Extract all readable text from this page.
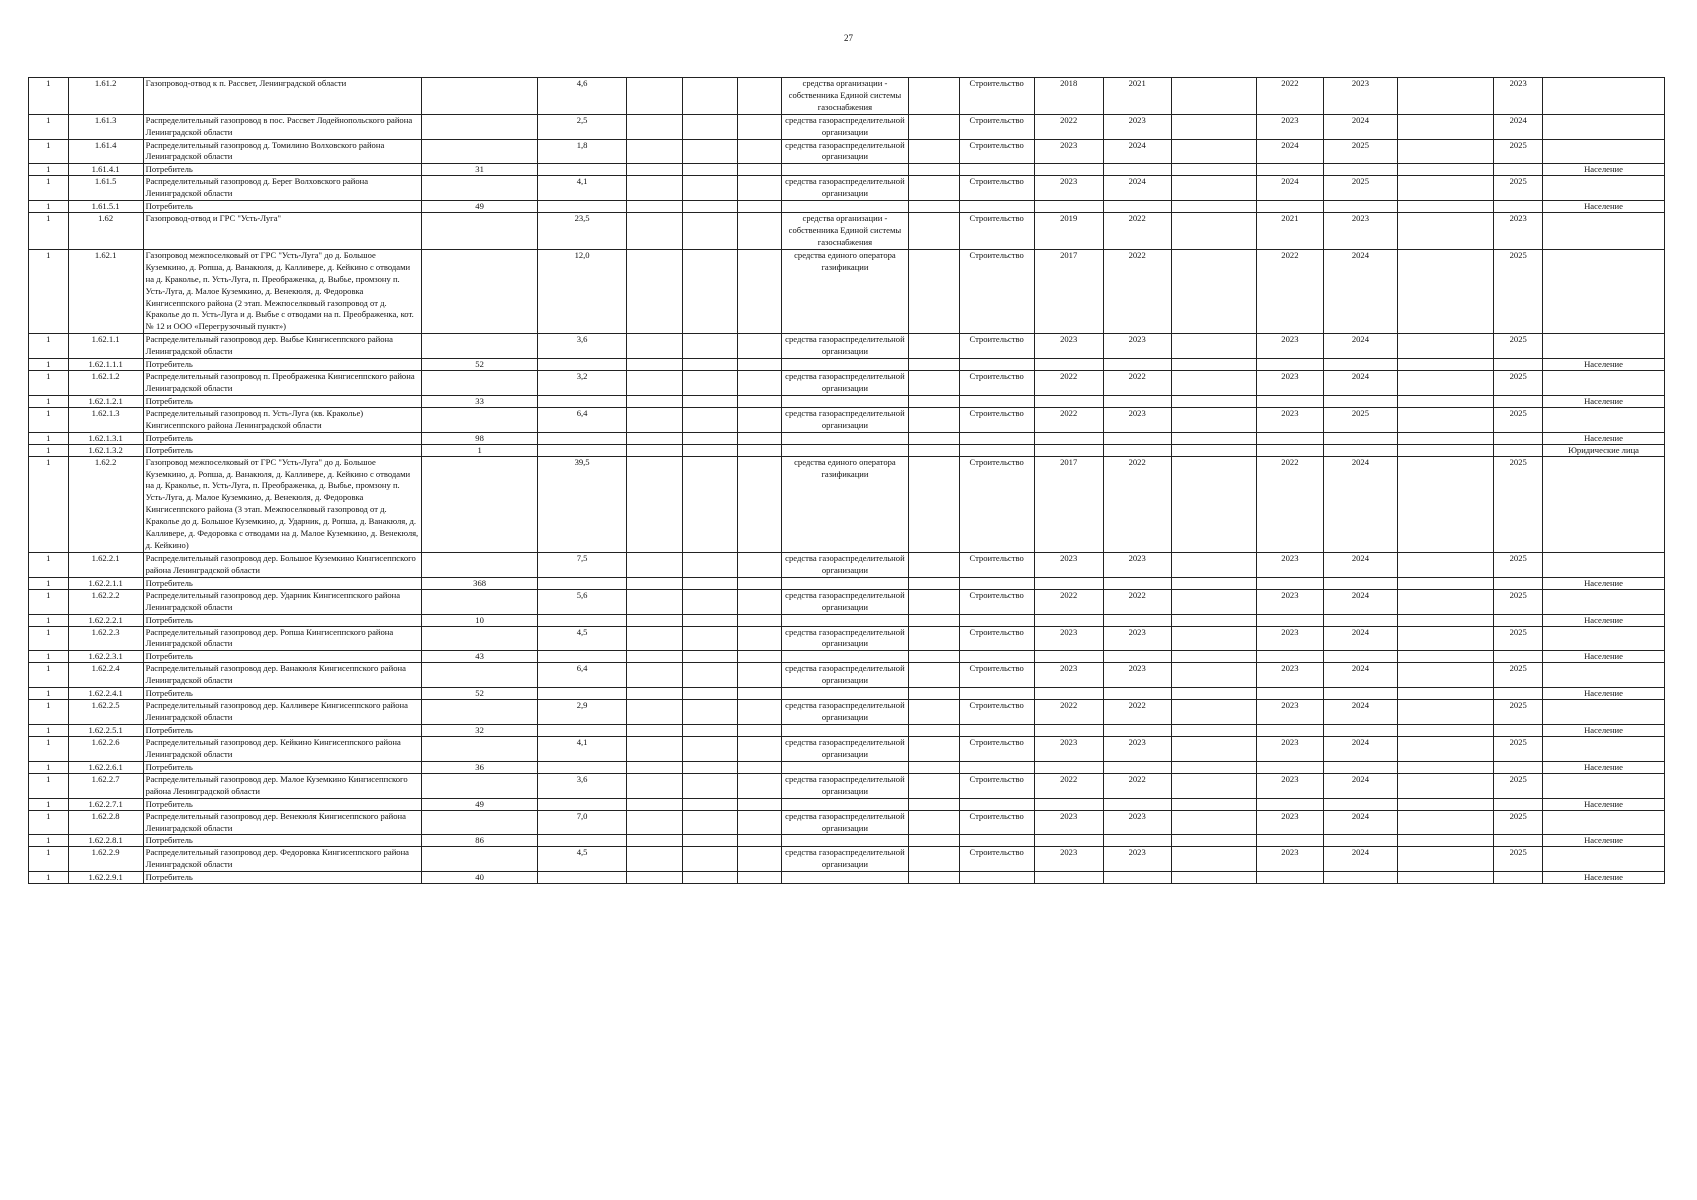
27
1	1.61.2	Газопровод-отвод к п. Рассвет, Ленинградской области		4,6				средства организации - собственника Единой системы газоснабжения		Строительство	2018	2021		2022	2023		2023	
1	1.61.3	Распределительный газопровод в пос. Рассвет Лодейнопольского района Ленинградской области		2,5				средства газораспределительной организации		Строительство	2022	2023		2023	2024		2024	
1	1.61.4	Распределительный газопровод д. Томилино Волховского района Ленинградской области		1,8				средства газораспределительной организации		Строительство	2023	2024		2024	2025		2025	
1	1.61.4.1	Потребитель	31															Население
1	1.61.5	Распределительный газопровод д. Берег Волховского района Ленинградской области		4,1				средства газораспределительной организации		Строительство	2023	2024		2024	2025		2025	
1	1.61.5.1	Потребитель	49															Население
1	1.62	Газопровод-отвод и ГРС "Усть-Луга"		23,5				средства организации - собственника Единой системы газоснабжения		Строительство	2019	2022		2021	2023		2023	
1	1.62.1	Газопровод межпоселковый от ГРС "Усть-Луга" до д. Большое Куземкино, д. Ропша, д. Ванакюля, д. Калливере, д. Кейкино с отводами на д. Краколье, п. Усть-Луга, п. Преображенка, д. Выбье, промзону п. Усть-Луга, д. Малое Куземкино, д. Венекюля, д. Федоровка Кингисеппского района (2 этап. Межпоселковый газопровод от д. Краколье до п. Усть-Луга и д. Выбье с отводами на п. Преображенка, кот.№ 12 и ООО «Перегрузочный пункт»)		12,0				средства единого оператора газификации		Строительство	2017	2022		2022	2024		2025	
1	1.62.1.1	Распределительный газопровод дер. Выбье Кингисеппского района Ленинградской области		3,6				средства газораспределительной организации		Строительство	2023	2023		2023	2024		2025	
1	1.62.1.1.1	Потребитель	52															Население
1	1.62.1.2	Распределительный газопровод п. Преображенка Кингисеппского района Ленинградской области		3,2				средства газораспределительной организации		Строительство	2022	2022		2023	2024		2025	
1	1.62.1.2.1	Потребитель	33															Население
1	1.62.1.3	Распределительный газопровод п. Усть-Луга (кв. Краколье) Кингисеппского района Ленинградской области		6,4				средства газораспределительной организации		Строительство	2022	2023		2023	2025		2025	
1	1.62.1.3.1	Потребитель	98															Население
1	1.62.1.3.2	Потребитель	1															Юридические лица
1	1.62.2	Газопровод межпоселковый от ГРС "Усть-Луга" до д. Большое Куземкино, д. Ропша, д. Ванакюля, д. Калливере, д. Кейкино с отводами на д. Краколье, п. Усть-Луга, п. Преображенка, д. Выбье, промзону п. Усть-Луга, д. Малое Куземкино, д. Венекюля, д. Федоровка Кингисеппского района (3 этап. Межпоселковый газопровод от д. Краколье до д. Большое Куземкино, д. Ударник, д. Ропша, д. Ванакюля, д. Калливере, д. Федоровка с отводами на д. Малое Куземкино, д. Венекюля, д. Кейкино)		39,5				средства единого оператора газификации		Строительство	2017	2022		2022	2024		2025	
1	1.62.2.1	Распределительный газопровод дер. Большое Куземкино Кингисеппского района Ленинградской области		7,5				средства газораспределительной организации		Строительство	2023	2023		2023	2024		2025	
1	1.62.2.1.1	Потребитель	368															Население
1	1.62.2.2	Распределительный газопровод дер. Ударник Кингисеппского района Ленинградской области		5,6				средства газораспределительной организации		Строительство	2022	2022		2023	2024		2025	
1	1.62.2.2.1	Потребитель	10															Население
1	1.62.2.3	Распределительный газопровод дер. Ропша Кингисеппского района Ленинградской области		4,5				средства газораспределительной организации		Строительство	2023	2023		2023	2024		2025	
1	1.62.2.3.1	Потребитель	43															Население
1	1.62.2.4	Распределительный газопровод дер. Ванакюля Кингисеппского района Ленинградской области		6,4				средства газораспределительной организации		Строительство	2023	2023		2023	2024		2025	
1	1.62.2.4.1	Потребитель	52															Население
1	1.62.2.5	Распределительный газопровод дер. Калливере Кингисеппского района Ленинградской области		2,9				средства газораспределительной организации		Строительство	2022	2022		2023	2024		2025	
1	1.62.2.5.1	Потребитель	32															Население
1	1.62.2.6	Распределительный газопровод дер. Кейкино Кингисеппского района Ленинградской области		4,1				средства газораспределительной организации		Строительство	2023	2023		2023	2024		2025	
1	1.62.2.6.1	Потребитель	36															Население
1	1.62.2.7	Распределительный газопровод дер. Малое Куземкино Кингисеппского района Ленинградской области		3,6				средства газораспределительной организации		Строительство	2022	2022		2023	2024		2025	
1	1.62.2.7.1	Потребитель	49															Население
1	1.62.2.8	Распределительный газопровод дер. Венекюля Кингисеппского района Ленинградской области		7,0				средства газораспределительной организации		Строительство	2023	2023		2023	2024		2025	
1	1.62.2.8.1	Потребитель	86															Население
1	1.62.2.9	Распределительный газопровод дер. Федоровка Кингисеппского района Ленинградской области		4,5				средства газораспределительной организации		Строительство	2023	2023		2023	2024		2025	
1	1.62.2.9.1	Потребитель	40															Население
